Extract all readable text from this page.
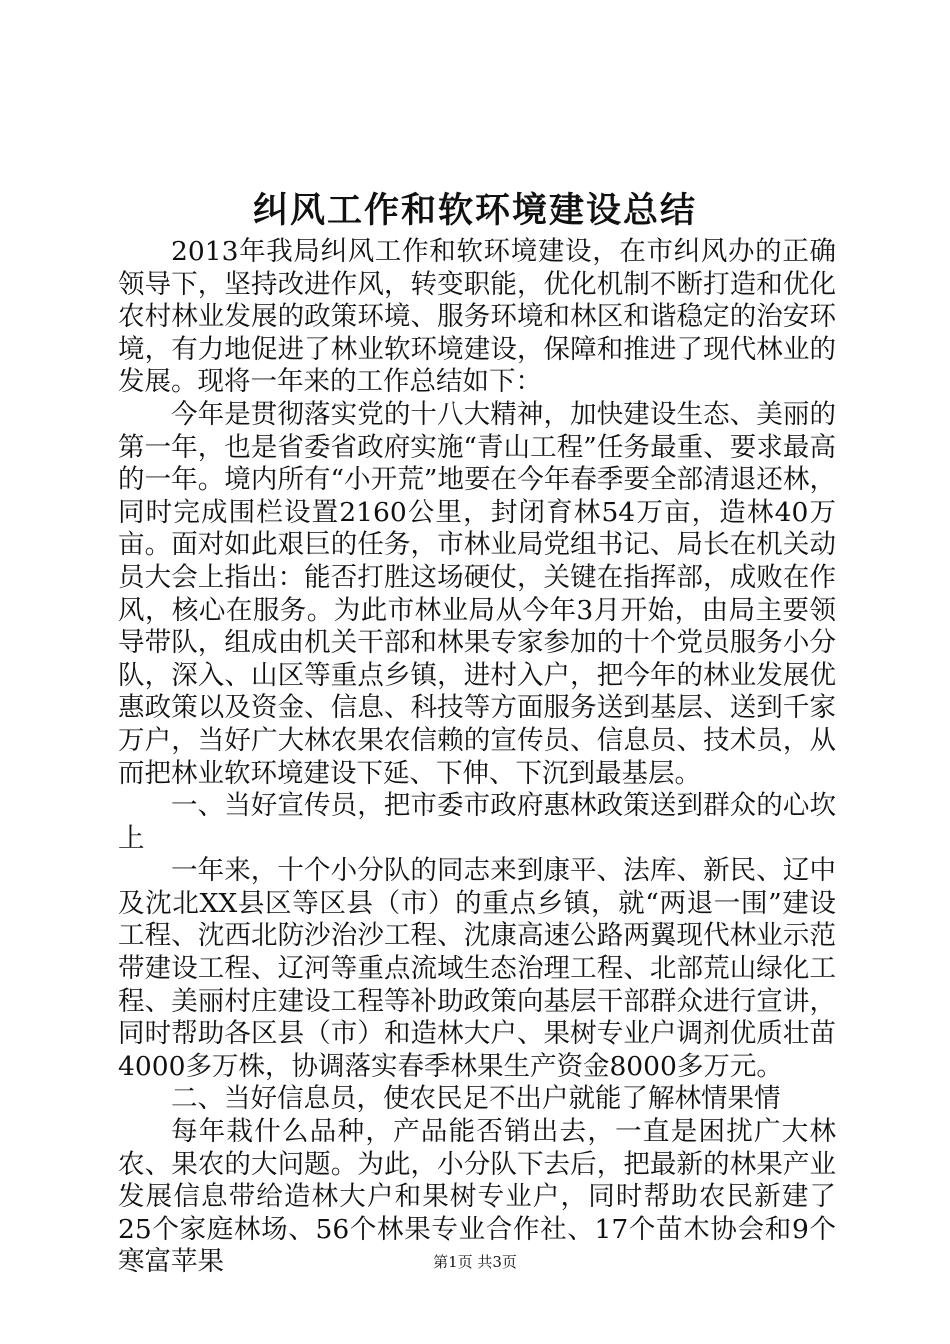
纠风工作和软环境建设总结

2013年我局纠风工作和软环境建设，在市纠风办的正确领导下，坚持改进作风，转变职能，优化机制不断打造和优化农村林业发展的政策环境、服务环境和林区和谐稳定的治安环境，有力地促进了林业软环境建设，保障和推进了现代林业的发展。现将一年来的工作总结如下：

今年是贯彻落实党的十八大精神，加快建设生态、美丽的第一年，也是省委省政府实施“青山工程”任务最重、要求最高的一年。境内所有“小开荒”地要在今年春季要全部清退还林，同时完成围栏设置2160公里，封闭育林54万亩，造林40万亩。面对如此艰巨的任务，市林业局党组书记、局长在机关动员大会上指出：能否打胜这场硬仗，关键在指挥部，成败在作风，核心在服务。为此市林业局从今年3月开始，由局主要领导带队，组成由机关干部和林果专家参加的十个党员服务小分队，深入、山区等重点乡镇，进村入户，把今年的林业发展优惠政策以及资金、信息、科技等方面服务送到基层、送到千家万户，当好广大林农果农信赖的宣传员、信息员、技术员，从而把林业软环境建设下延、下伸、下沉到最基层。

一、当好宣传员，把市委市政府惠林政策送到群众的心坎上

一年来，十个小分队的同志来到康平、法库、新民、辽中及沈北XX县区等区县（市）的重点乡镇，就“两退一围”建设工程、沈西北防沙治沙工程、沈康高速公路两翼现代林业示范带建设工程、辽河等重点流域生态治理工程、北部荒山绿化工程、美丽村庄建设工程等补助政策向基层干部群众进行宣讲，同时帮助各区县（市）和造林大户、果树专业户调剂优质壮苗4000多万株，协调落实春季林果生产资金8000多万元。

二、当好信息员，使农民足不出户就能了解林情果情

每年栽什么品种，产品能否销出去，一直是困扰广大林农、果农的大问题。为此，小分队下去后，把最新的林果产业发展信息带给造林大户和果树专业户，同时帮助农民新建了25个家庭林场、56个林果专业合作社、17个苗木协会和9个寒富苹果	第1页 共3页
